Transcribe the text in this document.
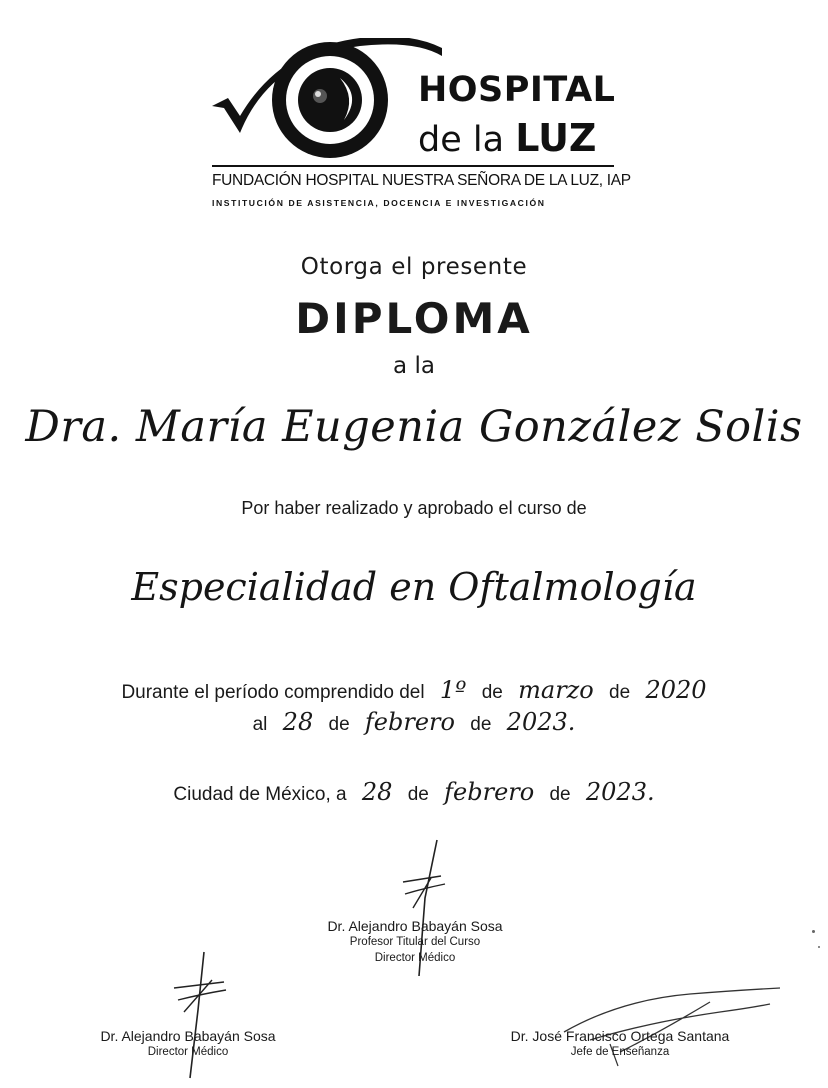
HOSPITAL
de la LUZ
FUNDACIÓN HOSPITAL NUESTRA SEÑORA DE LA LUZ, IAP
INSTITUCIÓN DE ASISTENCIA, DOCENCIA E INVESTIGACIÓN
Otorga el presente
DIPLOMA
a la
Dra. María Eugenia González Solis
Por haber realizado y aprobado el curso de
Especialidad en Oftalmología
Durante el período comprendido del 1º de marzo de 2020
al 28 de febrero de 2023.
Ciudad de México, a 28 de febrero de 2023.
Dr. Alejandro Babayán Sosa
Profesor Titular del Curso
Director Médico
Dr. Alejandro Babayán Sosa
Director Médico
Dr. José Francisco Ortega Santana
Jefe de Enseñanza
